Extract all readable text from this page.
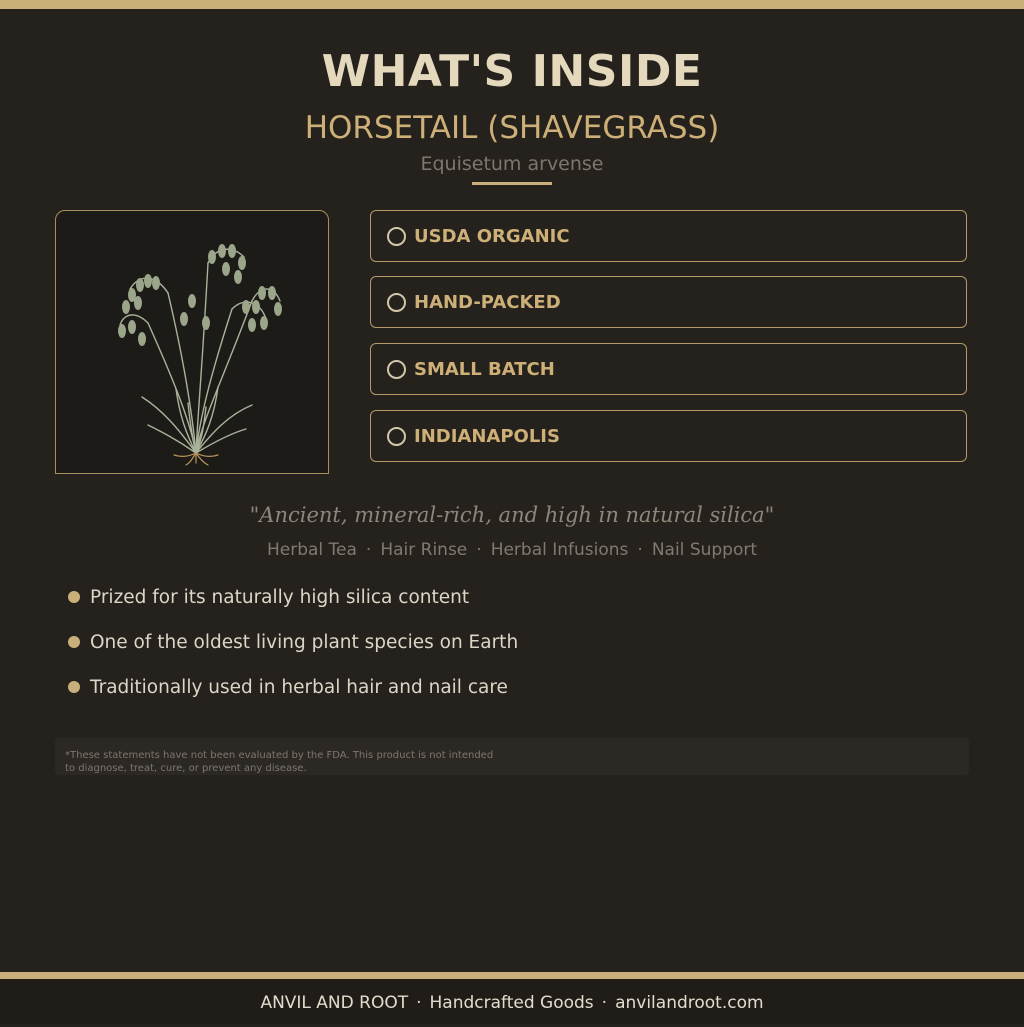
WHAT'S INSIDE
HORSETAIL (SHAVEGRASS)
Equisetum arvense
USDA ORGANIC
HAND-PACKED
SMALL BATCH
INDIANAPOLIS
"Ancient, mineral-rich, and high in natural silica"
Herbal Tea · Hair Rinse · Herbal Infusions · Nail Support
Prized for its naturally high silica content
One of the oldest living plant species on Earth
Traditionally used in herbal hair and nail care
*These statements have not been evaluated by the FDA. This product is not intended to diagnose, treat, cure, or prevent any disease.
ANVIL AND ROOT · Handcrafted Goods · anvilandroot.com
